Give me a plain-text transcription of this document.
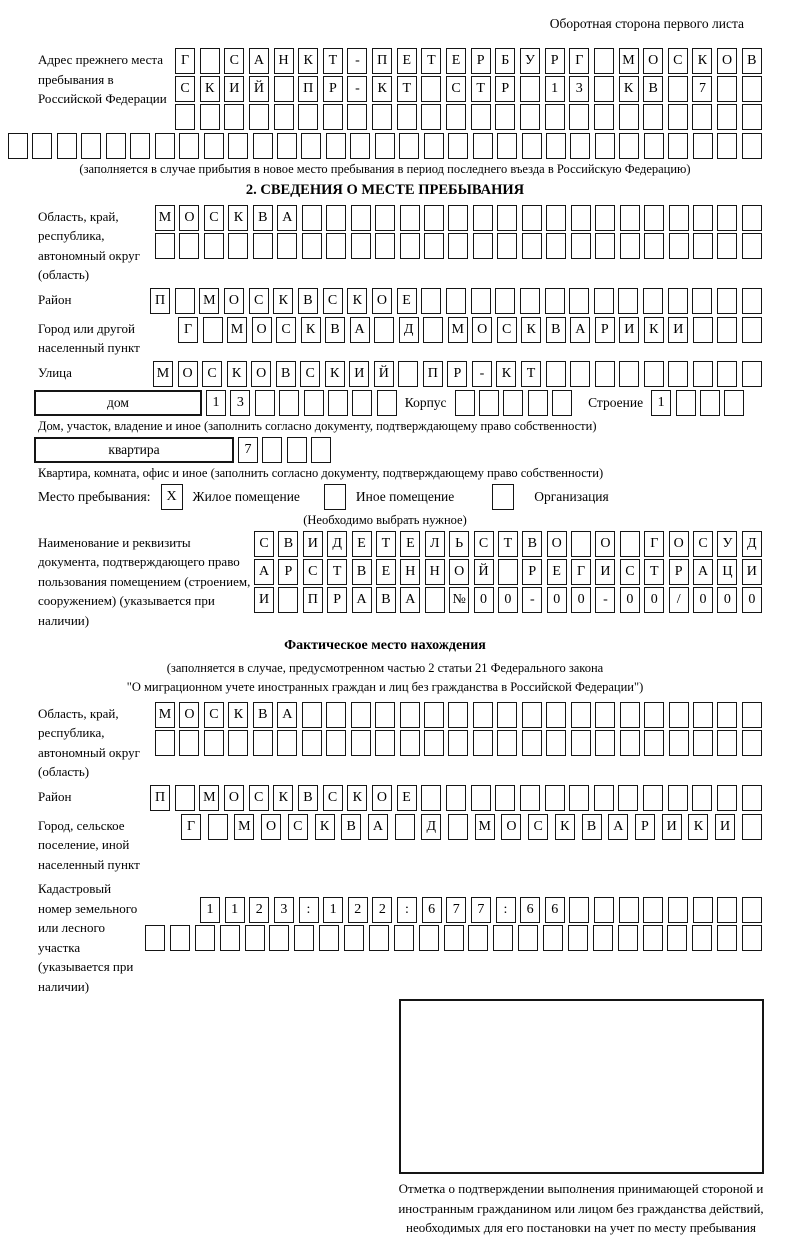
Оборотная сторона первого листа
Адрес прежнего места пребывания в Российской Федерации
Г	С	А	Н	К	Т	-	П	Е	Т	Е	Р	Б	У	Р	Г	М О	С	К	О	В
С	К	И	Й	П	Р	-	К	Т	С	Т	Р	1	3	К	В	7
(заполняется в случае прибытия в новое место пребывания в период последнего въезда в Российскую Федерацию)
2. СВЕДЕНИЯ О МЕСТЕ ПРЕБЫВАНИЯ
Область, край, республика, автономный округ (область)
М О	С	К	В	А
Район	П	М О	С	К	В	С	К	О	Е
Город или другой населенный пункт
Г	М О	С	К	В	А	Д	М О	С	К	В	А	Р	И	К	И
Улица	М О	С	К	О	В	С	К	И	Й	П	Р	-	К	Т
дом	1	3	Корпус	Строение	1
Дом, участок, владение и иное (заполнить согласно документу, подтверждающему право собственности)
квартира	7
Квартира, комната, офис и иное (заполнить согласно документу, подтверждающему право собственности)
Место пребывания:	X	Жилое помещение	Иное помещение	Организация
(Необходимо выбрать нужное)
Наименование и реквизиты документа, подтверждающего право пользования помещением (строением, сооружением) (указывается при наличии)
С	В	И	Д	Е	Т	Е	Л	Ь	С	Т	В	О	О	Г	О	С	У	Д
А	Р	С	Т	В	Е	Н	Н	О	Й	Р	Е	Г	И	С	Т	Р	А	Ц	И
И	П	Р	А	В	А	№	0	0	-	0	0	-	0	0	/	0	0	0
Фактическое место нахождения
(заполняется в случае, предусмотренном частью 2 статьи 21 Федерального закона
"О миграционном учете иностранных граждан и лиц без гражданства в Российской Федерации")
Область, край, республика, автономный округ (область)
М О	С	К	В	А
Район	П	М О	С	К	В	С	К	О	Е
Город, сельское поселение, иной населенный пункт
Г	М	О	С	К	В	А	Д	М	О	С	К	В	А	Р	И	К	И
Кадастровый номер земельного или лесного участка (указывается при наличии)
1	1	2	3	:	1	2	2	:	6	7	7	:	6	6
Отметка о подтверждении выполнения принимающей стороной и иностранным гражданином или лицом без гражданства действий, необходимых для его постановки на учет по месту пребывания
